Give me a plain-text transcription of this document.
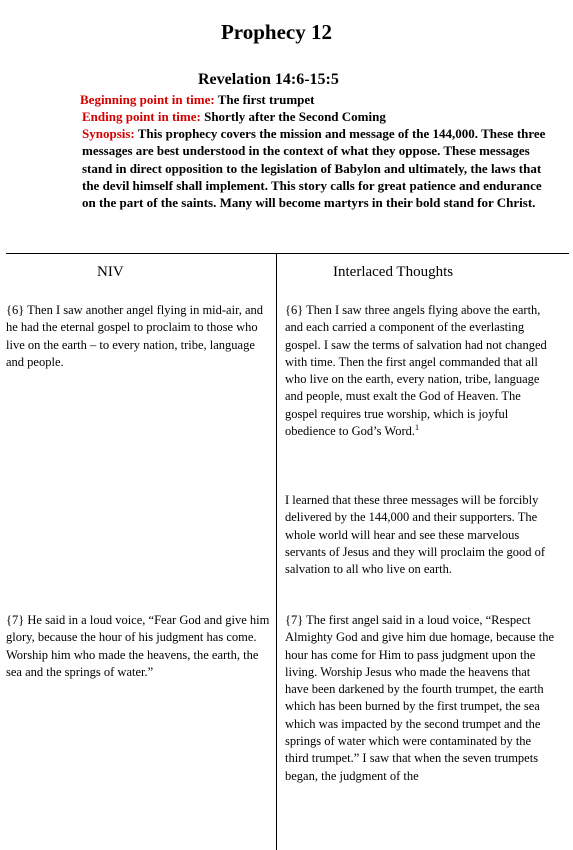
Prophecy 12
Revelation 14:6-15:5
Beginning point in time: The first trumpet
Ending point in time: Shortly after the Second Coming
Synopsis: This prophecy covers the mission and message of the 144,000. These three messages are best understood in the context of what they oppose. These messages stand in direct opposition to the legislation of Babylon and ultimately, the laws that the devil himself shall implement. This story calls for great patience and endurance on the part of the saints. Many will become martyrs in their bold stand for Christ.
NIV	Interlaced Thoughts
{6} Then I saw another angel flying in mid-air, and he had the eternal gospel to proclaim to those who live on the earth – to every nation, tribe, language and people.
{6} Then I saw three angels flying above the earth, and each carried a component of the everlasting gospel. I saw the terms of salvation had not changed with time. Then the first angel commanded that all who live on the earth, every nation, tribe, language and people, must exalt the God of Heaven. The gospel requires true worship, which is joyful obedience to God’s Word.$^1$
I learned that these three messages will be forcibly delivered by the 144,000 and their supporters. The whole world will hear and see these marvelous servants of Jesus and they will proclaim the good of salvation to all who live on earth.
{7} He said in a loud voice, “Fear God and give him glory, because the hour of his judgment has come. Worship him who made the heavens, the earth, the sea and the springs of water.”
{7} The first angel said in a loud voice, “Respect Almighty God and give him due homage, because the hour has come for Him to pass judgment upon the living. Worship Jesus who made the heavens that have been darkened by the fourth trumpet, the earth which has been burned by the first trumpet, the sea which was impacted by the second trumpet and the springs of water which were contaminated by the third trumpet.” I saw that when the seven trumpets began, the judgment of the
